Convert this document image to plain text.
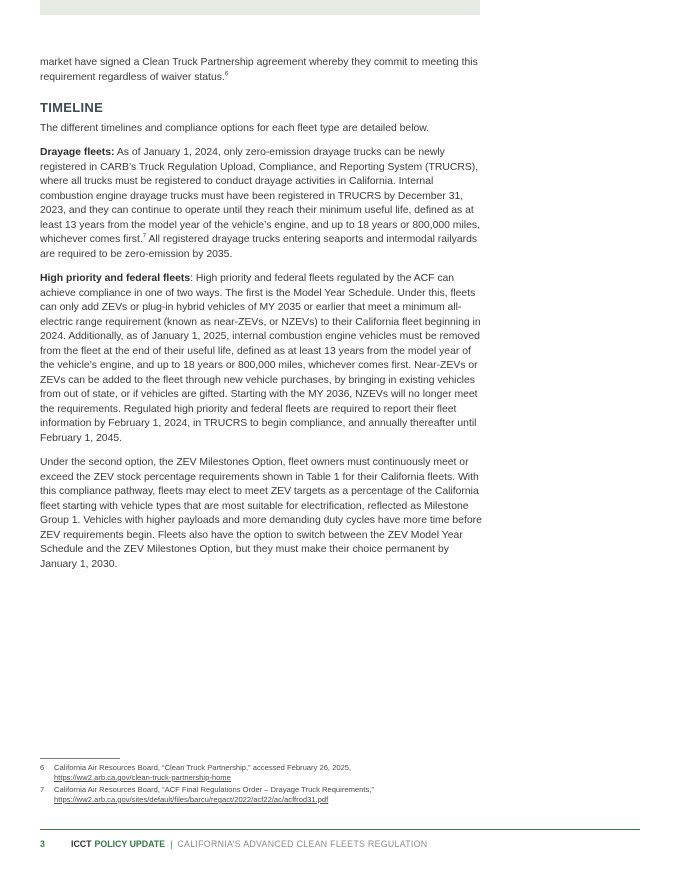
market have signed a Clean Truck Partnership agreement whereby they commit to meeting this requirement regardless of waiver status.$^6$

TIMELINE

The different timelines and compliance options for each fleet type are detailed below.

Drayage fleets: As of January 1, 2024, only zero-emission drayage trucks can be newly registered in CARB’s Truck Regulation Upload, Compliance, and Reporting System (TRUCRS), where all trucks must be registered to conduct drayage activities in California. Internal combustion engine drayage trucks must have been registered in TRUCRS by December 31, 2023, and they can continue to operate until they reach their minimum useful life, defined as at least 13 years from the model year of the vehicle’s engine, and up to 18 years or 800,000 miles, whichever comes first.$^7$ All registered drayage trucks entering seaports and intermodal railyards are required to be zero-emission by 2035.

High priority and federal fleets: High priority and federal fleets regulated by the ACF can achieve compliance in one of two ways. The first is the Model Year Schedule. Under this, fleets can only add ZEVs or plug-in hybrid vehicles of MY 2035 or earlier that meet a minimum all-electric range requirement (known as near-ZEVs, or NZEVs) to their California fleet beginning in 2024. Additionally, as of January 1, 2025, internal combustion engine vehicles must be removed from the fleet at the end of their useful life, defined as at least 13 years from the model year of the vehicle’s engine, and up to 18 years or 800,000 miles, whichever comes first. Near-ZEVs or ZEVs can be added to the fleet through new vehicle purchases, by bringing in existing vehicles from out of state, or if vehicles are gifted. Starting with the MY 2036, NZEVs will no longer meet the requirements. Regulated high priority and federal fleets are required to report their fleet information by February 1, 2024, in TRUCRS to begin compliance, and annually thereafter until February 1, 2045.

Under the second option, the ZEV Milestones Option, fleet owners must continuously meet or exceed the ZEV stock percentage requirements shown in Table 1 for their California fleets. With this compliance pathway, fleets may elect to meet ZEV targets as a percentage of the California fleet starting with vehicle types that are most suitable for electrification, reflected as Milestone Group 1. Vehicles with higher payloads and more demanding duty cycles have more time before ZEV requirements begin. Fleets also have the option to switch between the ZEV Model Year Schedule and the ZEV Milestones Option, but they must make their choice permanent by January 1, 2030.

6	California Air Resources Board, “Clean Truck Partnership,” accessed February 26, 2025,
https://ww2.arb.ca.gov/clean-truck-partnership-home
7	California Air Resources Board, “ACF Final Regulations Order – Drayage Truck Requirements,”
https://ww2.arb.ca.gov/sites/default/files/barcu/regact/2022/acf22/ac/acffrod31.pdf
3	ICCT POLICY UPDATE | CALIFORNIA’S ADVANCED CLEAN FLEETS REGULATION
